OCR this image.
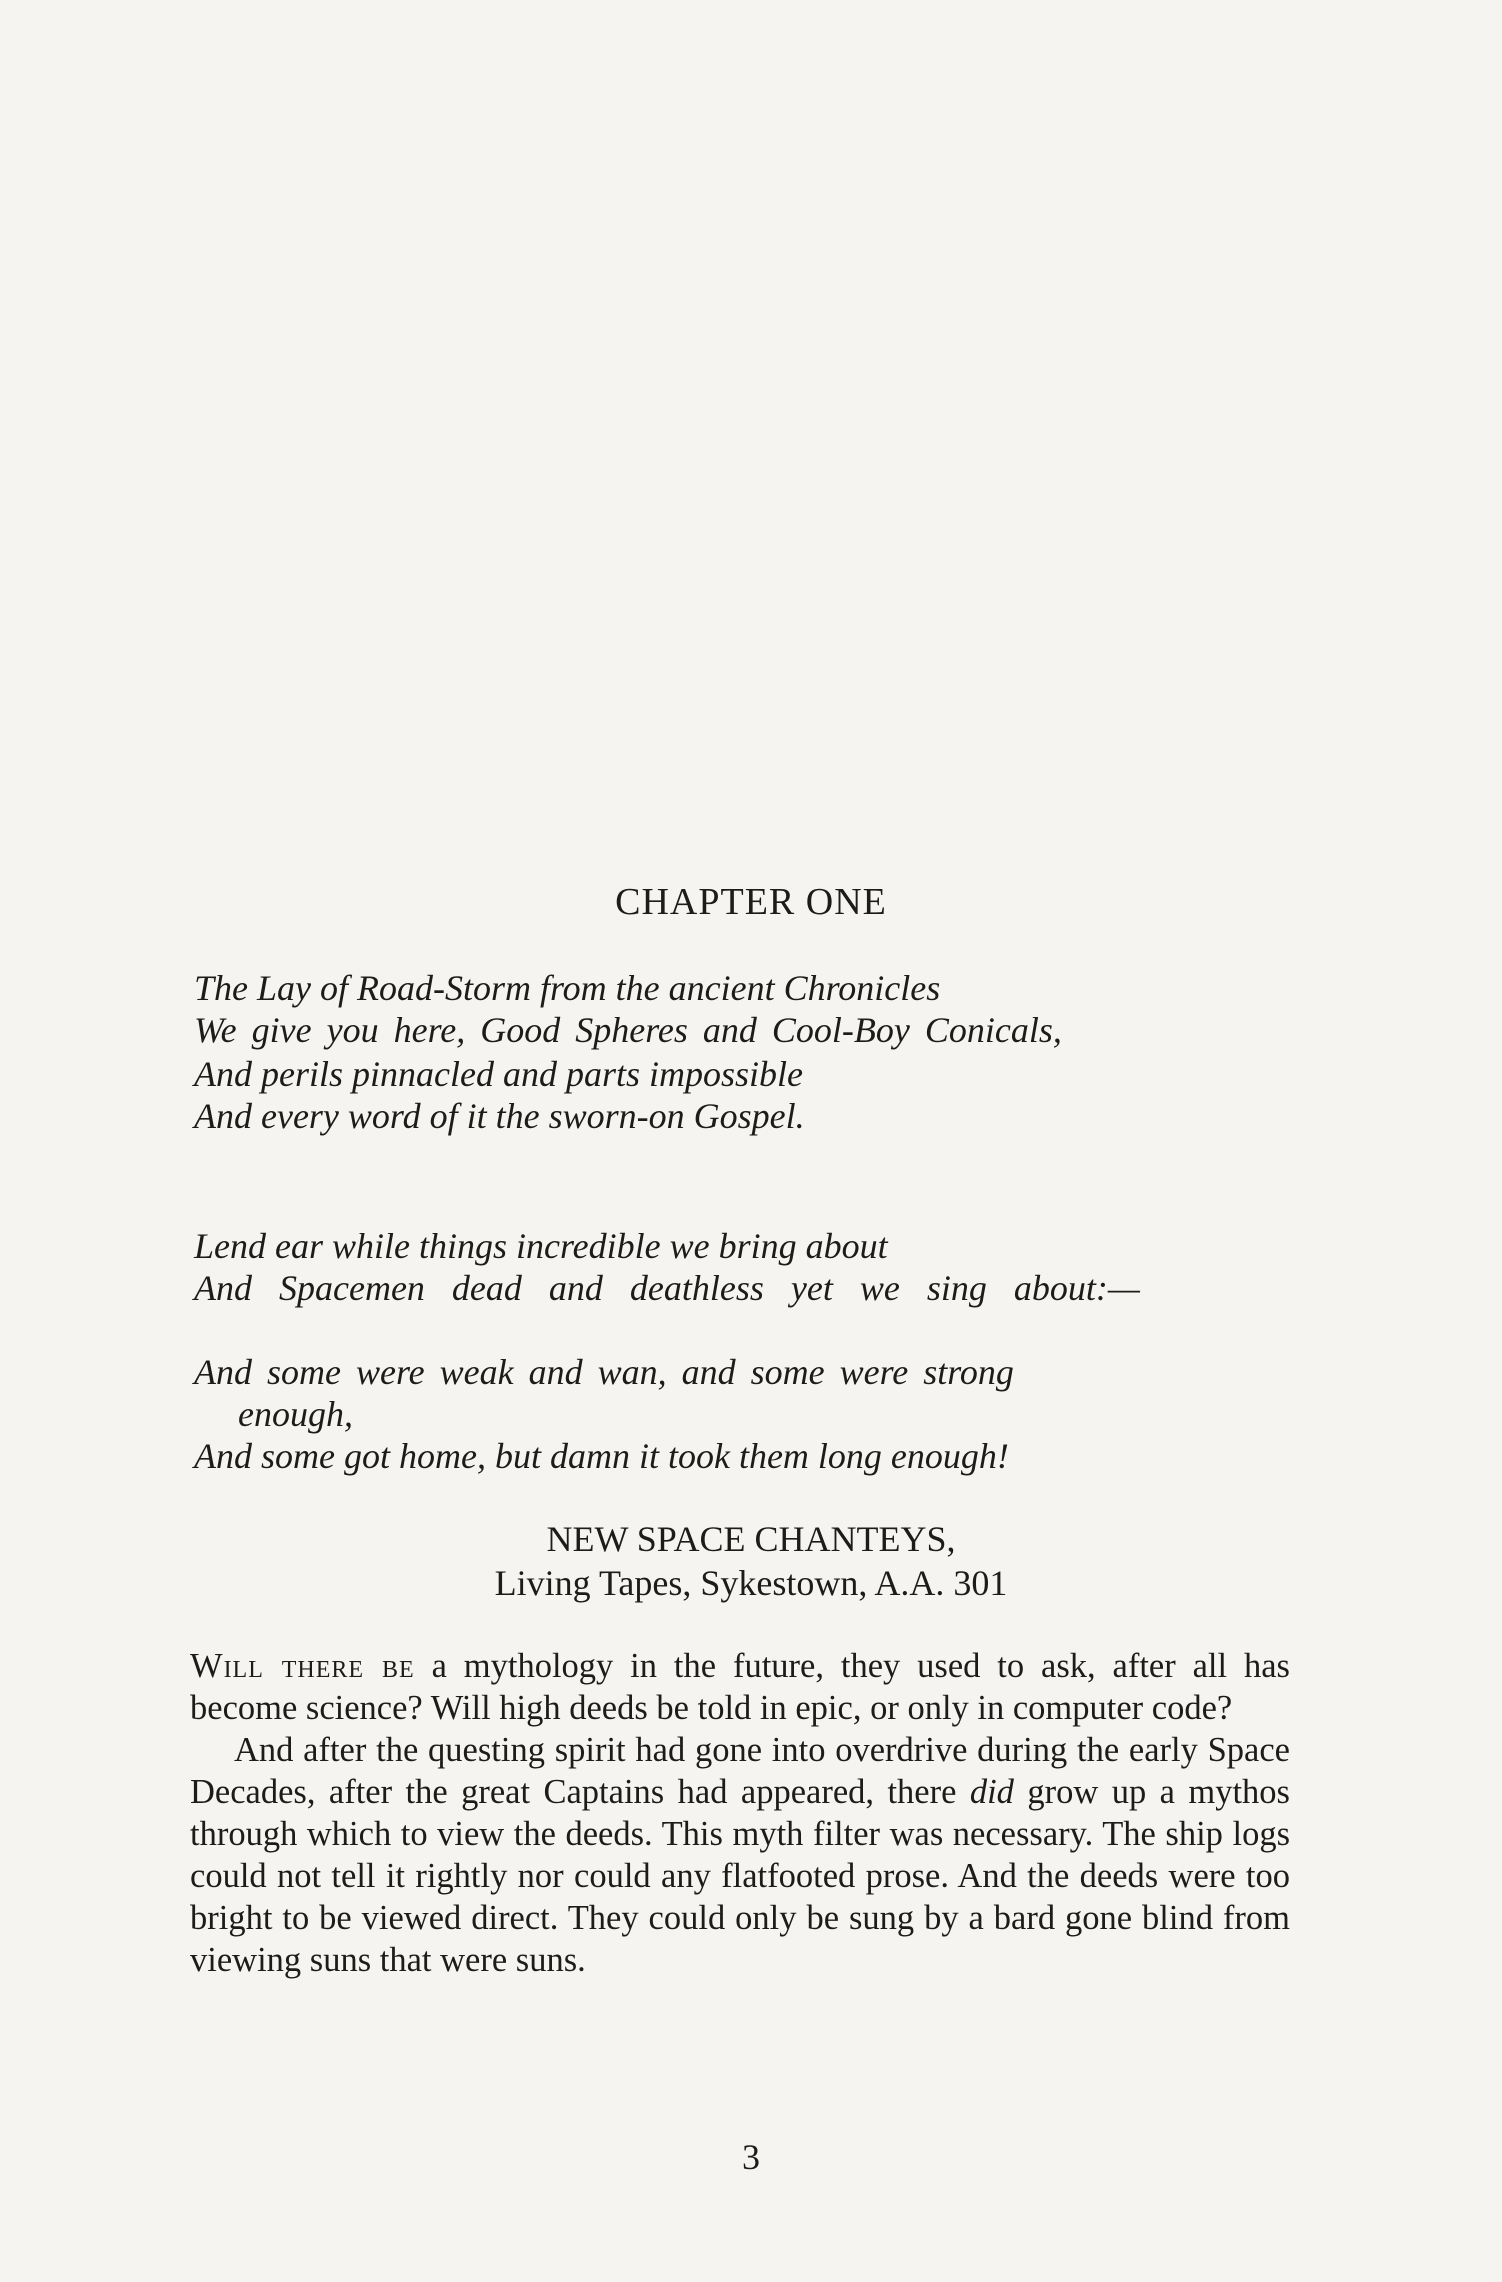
CHAPTER ONE
The Lay of Road-Storm from the ancient Chronicles
We give you here, Good Spheres and Cool-Boy Conicals,
And perils pinnacled and parts impossible
And every word of it the sworn-on Gospel.
Lend ear while things incredible we bring about
And Spacemen dead and deathless yet we sing about:—
And some were weak and wan, and some were strong
enough,
And some got home, but damn it took them long enough!
NEW SPACE CHANTEYS,
Living Tapes, Sykestown, A.A. 301

Will there be a mythology in the future, they used to ask, after all has become science? Will high deeds be told in epic, or only in computer code?

And after the questing spirit had gone into overdrive during the early Space Decades, after the great Captains had appeared, there did grow up a mythos through which to view the deeds. This myth filter was necessary. The ship logs could not tell it rightly nor could any flatfooted prose. And the deeds were too bright to be viewed direct. They could only be sung by a bard gone blind from viewing suns that were suns.

3
